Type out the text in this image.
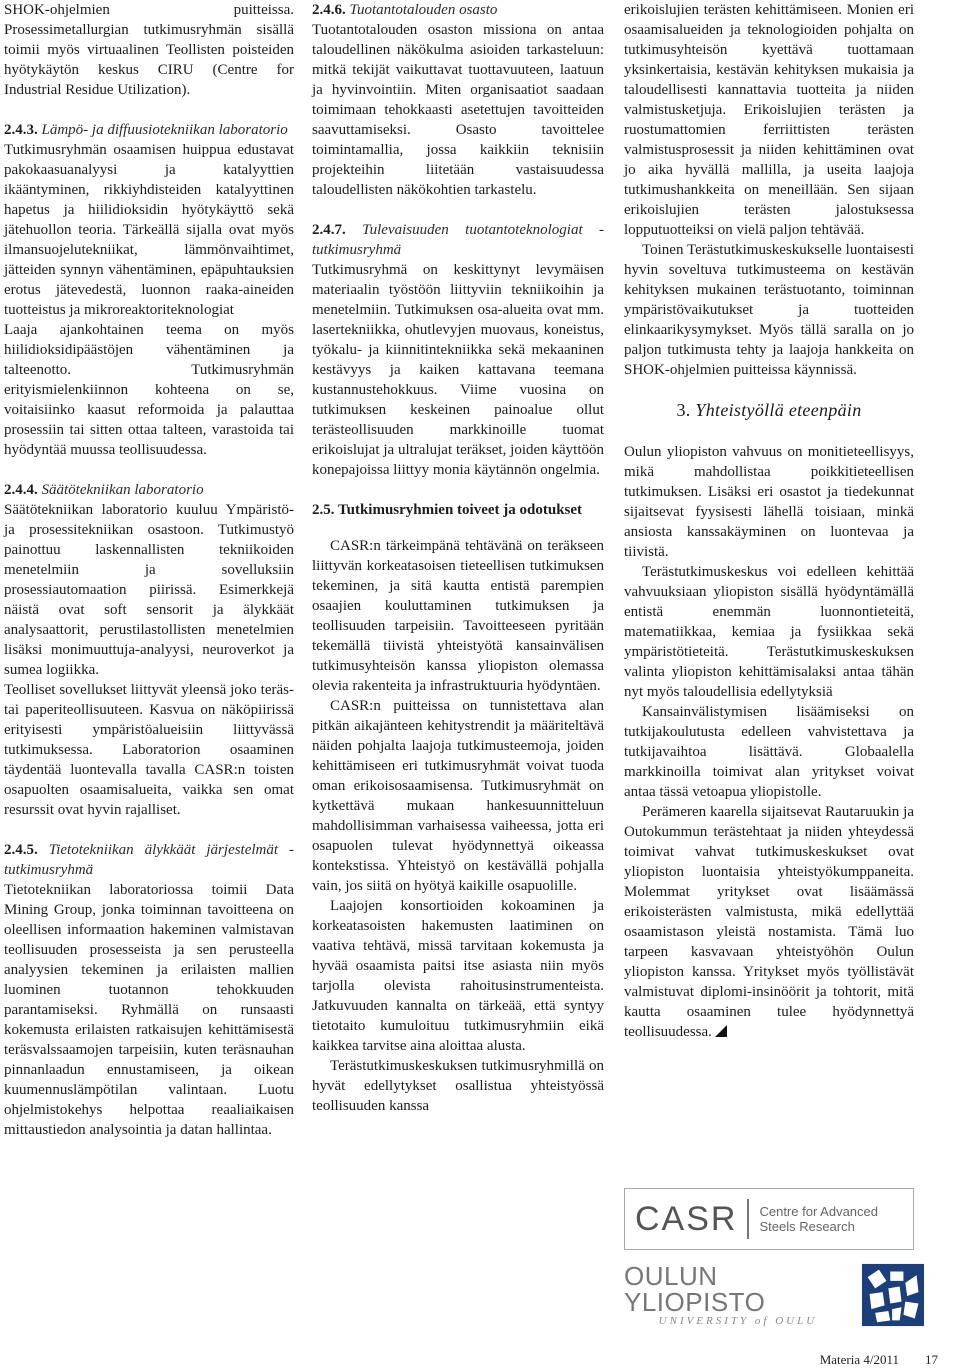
SHOK-ohjelmien puitteissa. Prosessimetallurgian tutkimusryhmän sisällä toimii myös virtuaalinen Teollisten poisteiden hyötykäytön keskus CIRU (Centre for Industrial Residue Utilization).

2.4.3. Lämpö- ja diffuusiotekniikan laboratorio

Tutkimusryhmän osaamisen huippua edustavat pakokaasuanalyysi ja katalyyttien ikääntyminen, rikkiyhdisteiden katalyyttinen hapetus ja hiilidioksidin hyötykäyttö sekä jätehuollon teoria. Tärkeällä sijalla ovat myös ilmansuojelutekniikat, lämmönvaihtimet, jätteiden synnyn vähentäminen, epäpuhtauksien erotus jätevedestä, luonnon raaka-aineiden tuotteistus ja mikroreaktoriteknologiat

Laaja ajankohtainen teema on myös hiilidioksidipäästöjen vähentäminen ja talteenotto. Tutkimusryhmän erityismielenkiinnon kohteena on se, voitaisiinko kaasut reformoida ja palauttaa prosessiin tai sitten ottaa talteen, varastoida tai hyödyntää muussa teollisuudessa.

2.4.4. Säätötekniikan laboratorio

Säätötekniikan laboratorio kuuluu Ympäristö- ja prosessitekniikan osastoon. Tutkimustyö painottuu laskennallisten tekniikoiden menetelmiin ja sovelluksiin prosessiautomaation piirissä. Esimerkkejä näistä ovat soft sensorit ja älykkäät analysaattorit, perustilastollisten menetelmien lisäksi monimuuttuja-analyysi, neuroverkot ja sumea logiikka.

Teolliset sovellukset liittyvät yleensä joko teräs- tai paperiteollisuuteen. Kasvua on näköpiirissä erityisesti ympäristöalueisiin liittyvässä tutkimuksessa. Laboratorion osaaminen täydentää luontevalla tavalla CASR:n toisten osapuolten osaamisalueita, vaikka sen omat resurssit ovat hyvin rajalliset.

2.4.5. Tietotekniikan älykkäät järjestelmät -tutkimusryhmä

Tietotekniikan laboratoriossa toimii Data Mining Group, jonka toiminnan tavoitteena on oleellisen informaation hakeminen valmistavan teollisuuden prosesseista ja sen perusteella analyysien tekeminen ja erilaisten mallien luominen tuotannon tehokkuuden parantamiseksi. Ryhmällä on runsaasti kokemusta erilaisten ratkaisujen kehittämisestä teräsvalssaamojen tarpeisiin, kuten teräsnauhan pinnanlaadun ennustamiseen, ja oikean kuumennuslämpötilan valintaan. Luotu ohjelmistokehys helpottaa reaaliaikaisen mittaustiedon analysointia ja datan hallintaa.

2.4.6. Tuotantotalouden osasto

Tuotantotalouden osaston missiona on antaa taloudellinen näkökulma asioiden tarkasteluun: mitkä tekijät vaikuttavat tuottavuuteen, laatuun ja hyvinvointiin. Miten organisaatiot saadaan toimimaan tehokkaasti asetettujen tavoitteiden saavuttamiseksi. Osasto tavoittelee toimintamallia, jossa kaikkiin teknisiin projekteihin liitetään vastaisuudessa taloudellisten näkökohtien tarkastelu.

2.4.7. Tulevaisuuden tuotantoteknologiat -tutkimusryhmä

Tutkimusryhmä on keskittynyt levymäisen materiaalin työstöön liittyviin tekniikoihin ja menetelmiin. Tutkimuksen osa-alueita ovat mm. lasertekniikka, ohutlevyjen muovaus, koneistus, työkalu- ja kiinnitintekniikka sekä mekaaninen kestävyys ja kaiken kattavana teemana kustannustehokkuus. Viime vuosina on tutkimuksen keskeinen painoalue ollut terästeollisuuden markkinoille tuomat erikoislujat ja ultralujat teräkset, joiden käyttöön konepajoissa liittyy monia käytännön ongelmia.

2.5. Tutkimusryhmien toiveet ja odotukset

CASR:n tärkeimpänä tehtävänä on teräkseen liittyvän korkeatasoisen tieteellisen tutkimuksen tekeminen, ja sitä kautta entistä parempien osaajien kouluttaminen tutkimuksen ja teollisuuden tarpeisiin. Tavoitteeseen pyritään tekemällä tiivistä yhteistyötä kansainvälisen tutkimusyhteisön kanssa yliopiston olemassa olevia rakenteita ja infrastruktuuria hyödyntäen.

CASR:n puitteissa on tunnistettava alan pitkän aikajänteen kehitystrendit ja määriteltävä näiden pohjalta laajoja tutkimusteemoja, joiden kehittämiseen eri tutkimusryhmät voivat tuoda oman erikoisosaamisensa. Tutkimusryhmät on kytkettävä mukaan hankesuunnitteluun mahdollisimman varhaisessa vaiheessa, jotta eri osapuolen tulevat hyödynnettyä oikeassa kontekstissa. Yhteistyö on kestävällä pohjalla vain, jos siitä on hyötyä kaikille osapuolille.

Laajojen konsortioiden kokoaminen ja korkeatasoisten hakemusten laatiminen on vaativa tehtävä, missä tarvitaan kokemusta ja hyvää osaamista paitsi itse asiasta niin myös tarjolla olevista rahoitusinstrumenteista. Jatkuvuuden kannalta on tärkeää, että syntyy tietotaito kumuloituu tutkimusryhmiin eikä kaikkea tarvitse aina aloittaa alusta.

Terästutkimuskeskuksen tutkimusryhmillä on hyvät edellytykset osallistua yhteistyössä teollisuuden kanssa

erikoislujien terästen kehittämiseen. Monien eri osaamisalueiden ja teknologioiden pohjalta on tutkimusyhteisön kyettävä tuottamaan yksinkertaisia, kestävän kehityksen mukaisia ja taloudellisesti kannattavia tuotteita ja niiden valmistusketjuja. Erikoislujien terästen ja ruostumattomien ferriittisten terästen valmistusprosessit ja niiden kehittäminen ovat jo aika hyvällä mallilla, ja useita laajoja tutkimushankkeita on meneillään. Sen sijaan erikoislujien terästen jalostuksessa lopputuotteiksi on vielä paljon tehtävää.

Toinen Terästutkimuskeskukselle luontaisesti hyvin soveltuva tutkimusteema on kestävän kehityksen mukainen terästuotanto, toiminnan ympäristövaikutukset ja tuotteiden elinkaarikysymykset. Myös tällä saralla on jo paljon tutkimusta tehty ja laajoja hankkeita on SHOK-ohjelmien puitteissa käynnissä.

3. Yhteistyöllä eteenpäin

Oulun yliopiston vahvuus on monitieteellisyys, mikä mahdollistaa poikkitieteellisen tutkimuksen. Lisäksi eri osastot ja tiedekunnat sijaitsevat fyysisesti lähellä toisiaan, minkä ansiosta kanssakäyminen on luontevaa ja tiivistä.

Terästutkimuskeskus voi edelleen kehittää vahvuuksiaan yliopiston sisällä hyödyntämällä entistä enemmän luonnontieteitä, matematiikkaa, kemiaa ja fysiikkaa sekä ympäristötieteitä. Terästutkimuskeskuksen valinta yliopiston kehittämisalaksi antaa tähän nyt myös taloudellisia edellytyksiä

Kansainvälistymisen lisäämiseksi on tutkijakoulutusta edelleen vahvistettava ja tutkijavaihtoa lisättävä. Globaalella markkinoilla toimivat alan yritykset voivat antaa tässä vetoapua yliopistolle.

Perämeren kaarella sijaitsevat Rautaruukin ja Outokummun terästehtaat ja niiden yhteydessä toimivat vahvat tutkimuskeskukset ovat yliopiston luontaisia yhteistyökumppaneita. Molemmat yritykset ovat lisäämässä erikoisterästen valmistusta, mikä edellyttää osaamistason yleistä nostamista. Tämä luo tarpeen kasvavaan yhteistyöhön Oulun yliopiston kanssa. Yritykset myös työllistävät valmistuvat diplomi-insinöörit ja tohtorit, mitä kautta osaaminen tulee hyödynnettyä teollisuudessa.

CASR	Centre for Advanced
Steels Research
OULUN YLIOPISTO
UNIVERSITY of OULU
Materia 4/2011 17
